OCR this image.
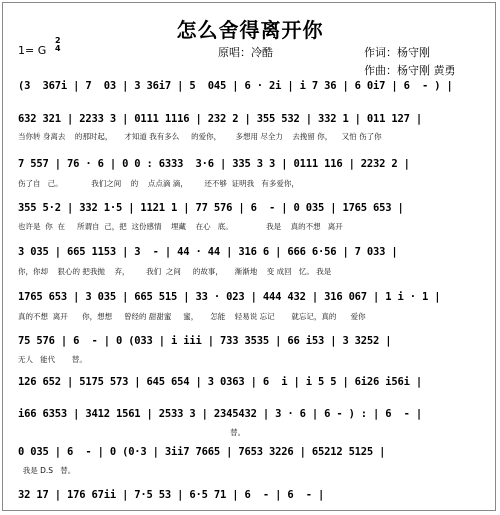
怎么舍得离开你
1= G
2
4	原唱：冷酷	作词：杨守刚
作曲：杨守刚 黄勇
(3  367i | 7  03 | 3 36i7 | 5  045 | 6 · 2i | i 7 36 | 6 0i7 | 6  - ) |
632 321 | 2233 3 | 0111 1116 | 232 2 | 355 532 | 332 1 | 011 127 |
当你转 身离去    的那时起，     才知道 我有多么     的爱你，      多想用 尽全力    去挽留 你，    又怕 伤了你
7 557 | 76 · 6 | 0 0 : 6333  3·6 | 335 3 3 | 0111 116 | 2232 2 |
伤了自   己。            我们之间    的    点点滴 滴，       还不够  证明我   有多爱你，
355 5·2 | 332 1·5 | 1121 1 | 77 576 | 6  - | 0 035 | 1765 653 |
也许是  你  在     所谓自  己，把  这份感情    埋藏    在心   底。              我是    真的不想   离开
3 035 | 665 1153 | 3  - | 44 · 44 | 316 6 | 666 6·56 | 7 033 |
你，你却    狠心的 把我抛    弃，       我们  之间     的故事，     渐渐地    变 成回   忆。 我是
1765 653 | 3 035 | 665 515 | 33 · 023 | 444 432 | 316 067 | 1 i · 1 |
真的不想  离开      你，想想     曾经的 甜甜蜜     蜜，     怎能    轻易说 忘记       就忘记，真的      爱你
75 576 | 6  - | 0 (033 | i iii | 733 3535 | 66 i53 | 3 3252 |
无人   能代       替。
126 652 | 5175 573 | 645 654 | 3 0363 | 6  i | i 5 5 | 6i26 i56i |
i66 6353 | 3412 1561 | 2533 3 | 2345432 | 3 · 6 | 6 - ) : | 6  - |
替。
0 035 | 6  - | 0 (0·3 | 3ii7 7665 | 7653 3226 | 65212 5125 |
我是 D.S   替。
32 17 | 176 67ii | 7·5 53 | 6·5 71 | 6  - | 6  - |
